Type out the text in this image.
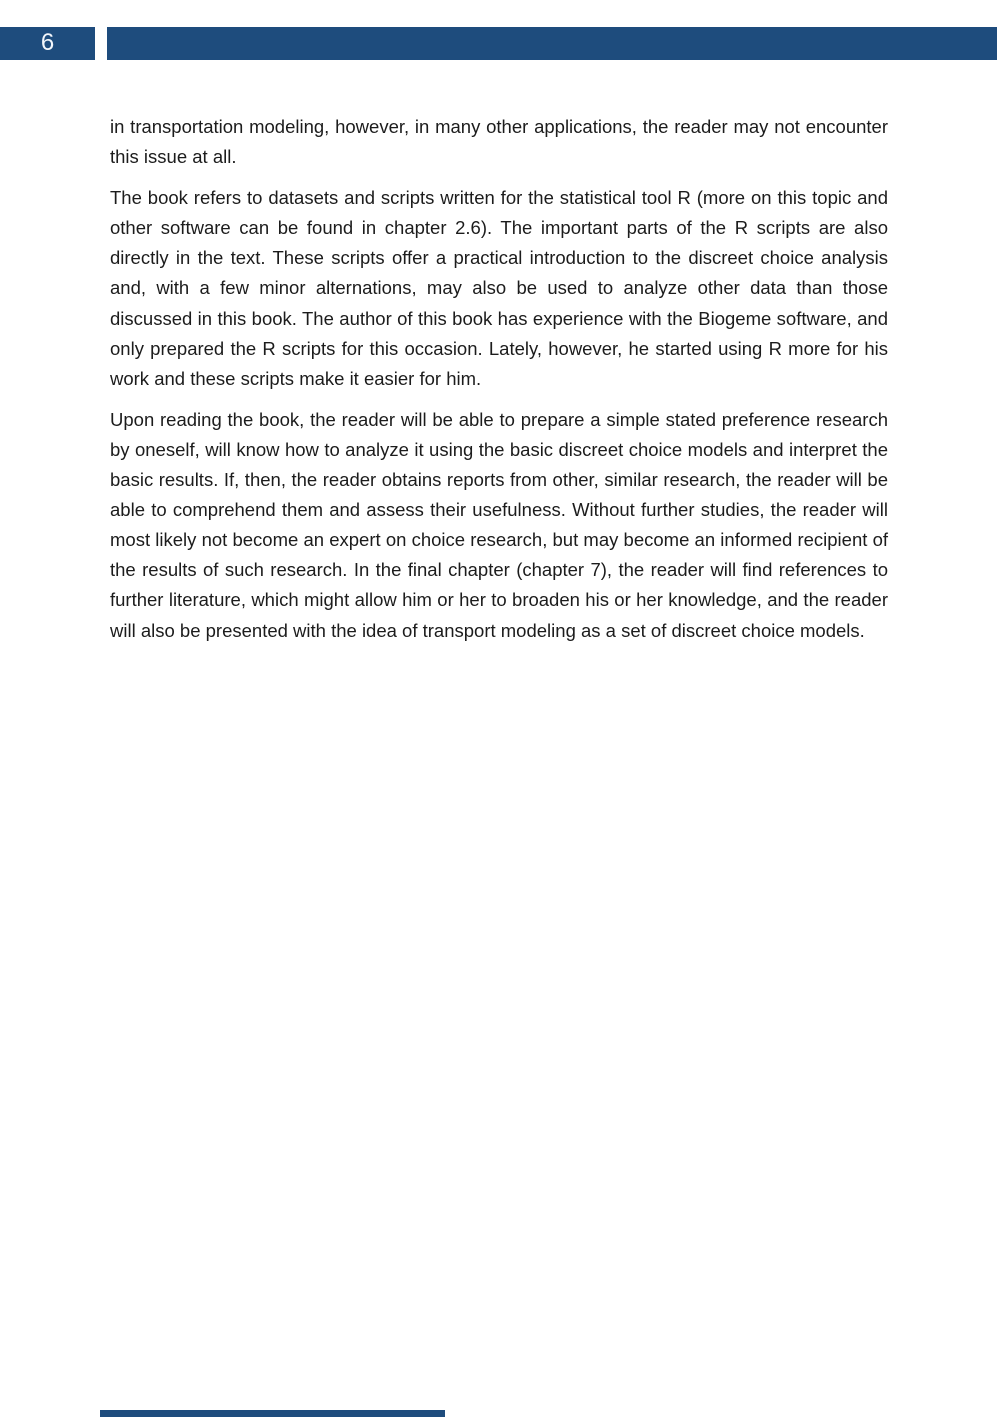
6

in transportation modeling, however, in many other applications, the reader may not encounter this issue at all.

The book refers to datasets and scripts written for the statistical tool R (more on this topic and other software can be found in chapter 2.6). The important parts of the R scripts are also directly in the text. These scripts offer a practical introduction to the discreet choice analysis and, with a few minor alternations, may also be used to analyze other data than those discussed in this book. The author of this book has experience with the Biogeme software, and only prepared the R scripts for this occasion. Lately, however, he started using R more for his work and these scripts make it easier for him.

Upon reading the book, the reader will be able to prepare a simple stated preference research by oneself, will know how to analyze it using the basic discreet choice models and interpret the basic results. If, then, the reader obtains reports from other, similar research, the reader will be able to comprehend them and assess their usefulness. Without further studies, the reader will most likely not become an expert on choice research, but may become an informed recipient of the results of such research. In the final chapter (chapter 7), the reader will find references to further literature, which might allow him or her to broaden his or her knowledge, and the reader will also be presented with the idea of transport modeling as a set of discreet choice models.
